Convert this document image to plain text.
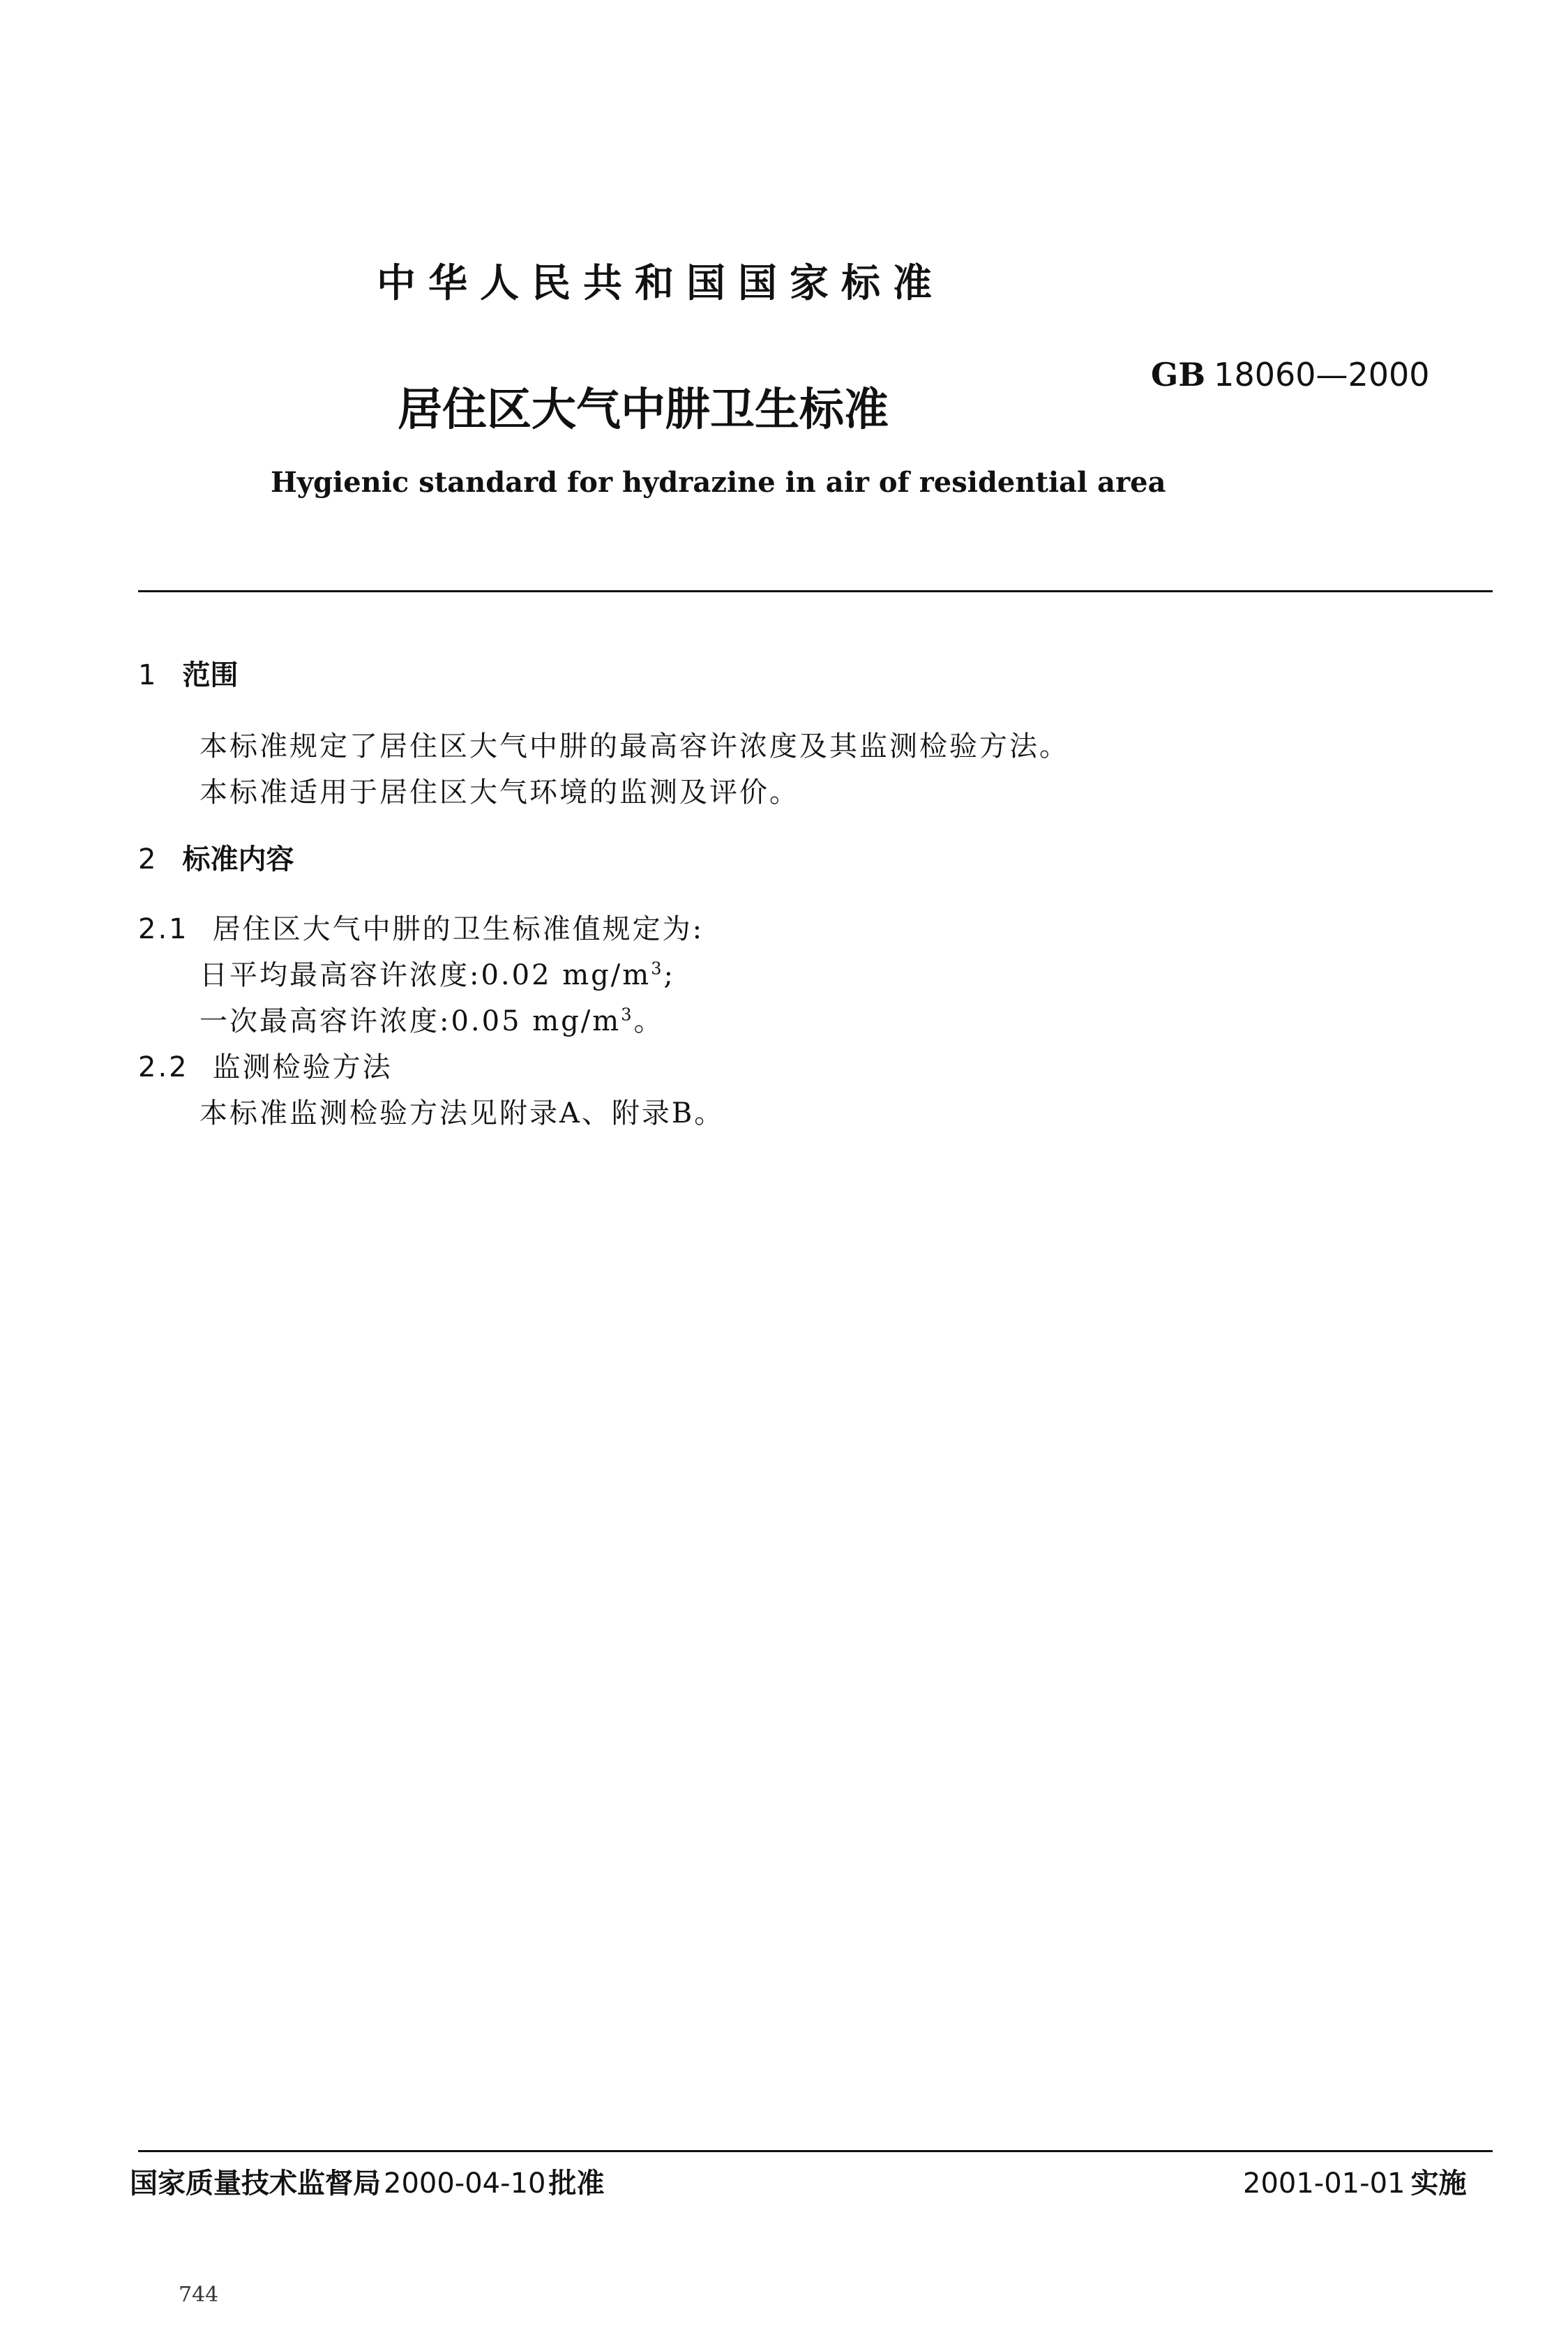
中华人民共和国国家标准
GB 18060—2000
居住区大气中肼卫生标准
Hygienic standard for hydrazine in air of residential area
1 范围
本标准规定了居住区大气中肼的最高容许浓度及其监测检验方法。
本标准适用于居住区大气环境的监测及评价。
2 标准内容
2.1 居住区大气中肼的卫生标准值规定为:
日平均最高容许浓度:0.02 $mg/m^3$;
一次最高容许浓度:0.05 $mg/m^3$。
2.2 监测检验方法
本标准监测检验方法见附录A、附录B。
国家质量技术监督局 2000-04-10 批准	2001-01-01 实施
744
